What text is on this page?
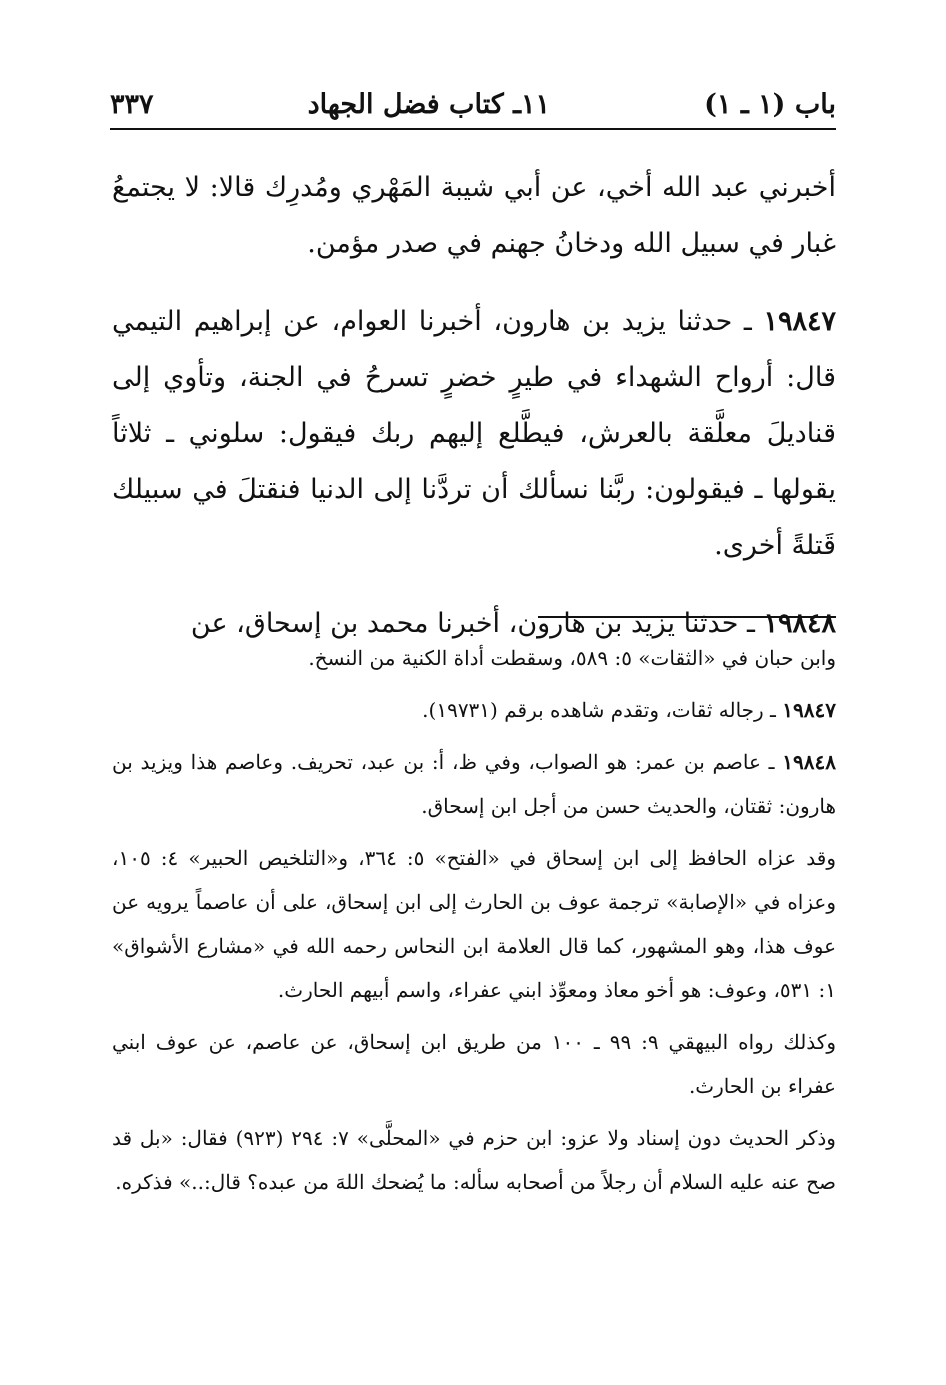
باب (١ ـ ١)
١١ـ كتاب فضل الجهاد
٣٣٧

أخبرني عبد الله أخي، عن أبي شيبة المَهْري ومُدرِك قالا: لا يجتمعُ غبار في سبيل الله ودخانُ جهنم في صدر مؤمن.

١٩٨٤٧ ـ حدثنا يزيد بن هارون، أخبرنا العوام، عن إبراهيم التيمي قال: أرواح الشهداء في طيرٍ خضرٍ تسرحُ في الجنة، وتأوي إلى قناديلَ معلَّقة بالعرش، فيطَّلع إليهم ربك فيقول: سلوني ـ ثلاثاً يقولها ـ فيقولون: ربَّنا نسألك أن تردَّنا إلى الدنيا فنقتلَ في سبيلك قَتلةً أخرى.

١٩٨٤٨ ـ حدثنا يزيد بن هارون، أخبرنا محمد بن إسحاق، عن

وابن حبان في «الثقات» ٥: ٥٨٩، وسقطت أداة الكنية من النسخ.

١٩٨٤٧ ـ رجاله ثقات، وتقدم شاهده برقم (١٩٧٣١).

١٩٨٤٨ ـ عاصم بن عمر: هو الصواب، وفي ظ، أ: بن عبد، تحريف. وعاصم هذا ويزيد بن هارون: ثقتان، والحديث حسن من أجل ابن إسحاق.

وقد عزاه الحافظ إلى ابن إسحاق في «الفتح» ٥: ٣٦٤، و«التلخيص الحبير» ٤: ١٠٥، وعزاه في «الإصابة» ترجمة عوف بن الحارث إلى ابن إسحاق، على أن عاصماً يرويه عن عوف هذا، وهو المشهور، كما قال العلامة ابن النحاس رحمه الله في «مشارع الأشواق» ١: ٥٣١، وعوف: هو أخو معاذ ومعوِّذ ابني عفراء، واسم أبيهم الحارث.

وكذلك رواه البيهقي ٩: ٩٩ ـ ١٠٠ من طريق ابن إسحاق، عن عاصم، عن عوف ابني عفراء بن الحارث.

وذكر الحديث دون إسناد ولا عزو: ابن حزم في «المحلَّى» ٧: ٢٩٤ (٩٢٣) فقال: «بل قد صح عنه عليه السلام أن رجلاً من أصحابه سأله: ما يُضحك اللهَ من عبده؟ قال:..» فذكره.
